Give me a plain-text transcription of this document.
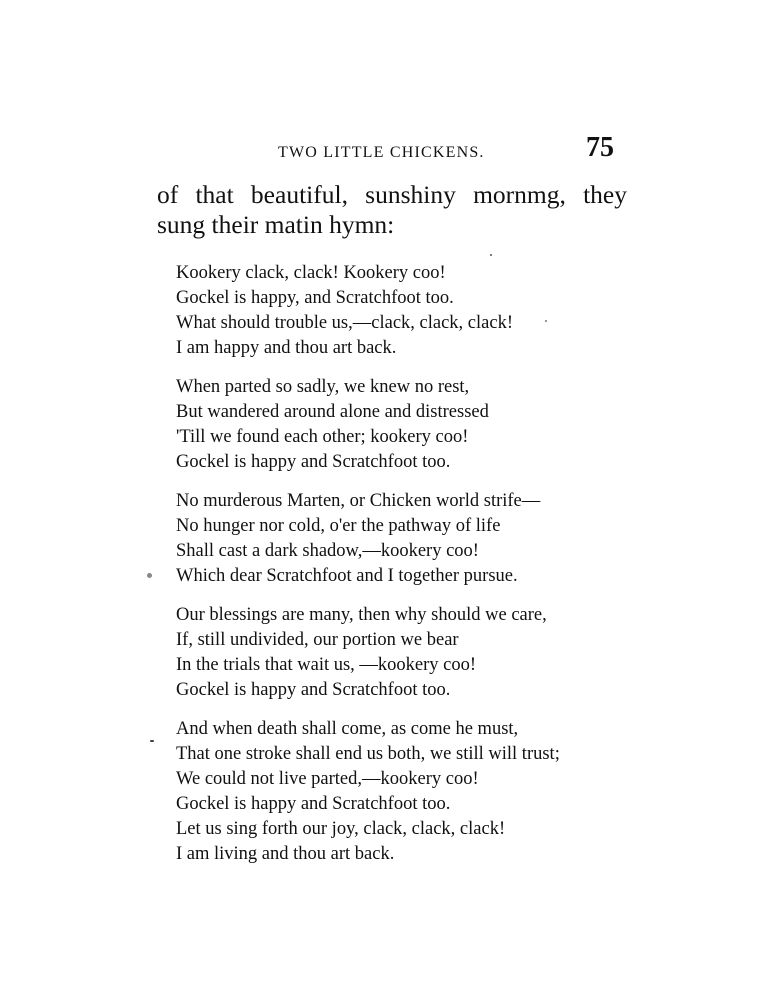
TWO LITTLE CHICKENS.	75
of that beautiful, sunshiny mornmg, they
sung their matin hymn:
Kookery clack, clack! Kookery coo!
Gockel is happy, and Scratchfoot too.
What should trouble us,—clack, clack, clack!
I am happy and thou art back.
When parted so sadly, we knew no rest,
But wandered around alone and distressed
'Till we found each other; kookery coo!
Gockel is happy and Scratchfoot too.
No murderous Marten, or Chicken world strife—
No hunger nor cold, o'er the pathway of life
Shall cast a dark shadow,—kookery coo!
Which dear Scratchfoot and I together pursue.
Our blessings are many, then why should we care,
If, still undivided, our portion we bear
In the trials that wait us, —kookery coo!
Gockel is happy and Scratchfoot too.
And when death shall come, as come he must,
That one stroke shall end us both, we still will trust;
We could not live parted,—kookery coo!
Gockel is happy and Scratchfoot too.
Let us sing forth our joy, clack, clack, clack!
I am living and thou art back.
